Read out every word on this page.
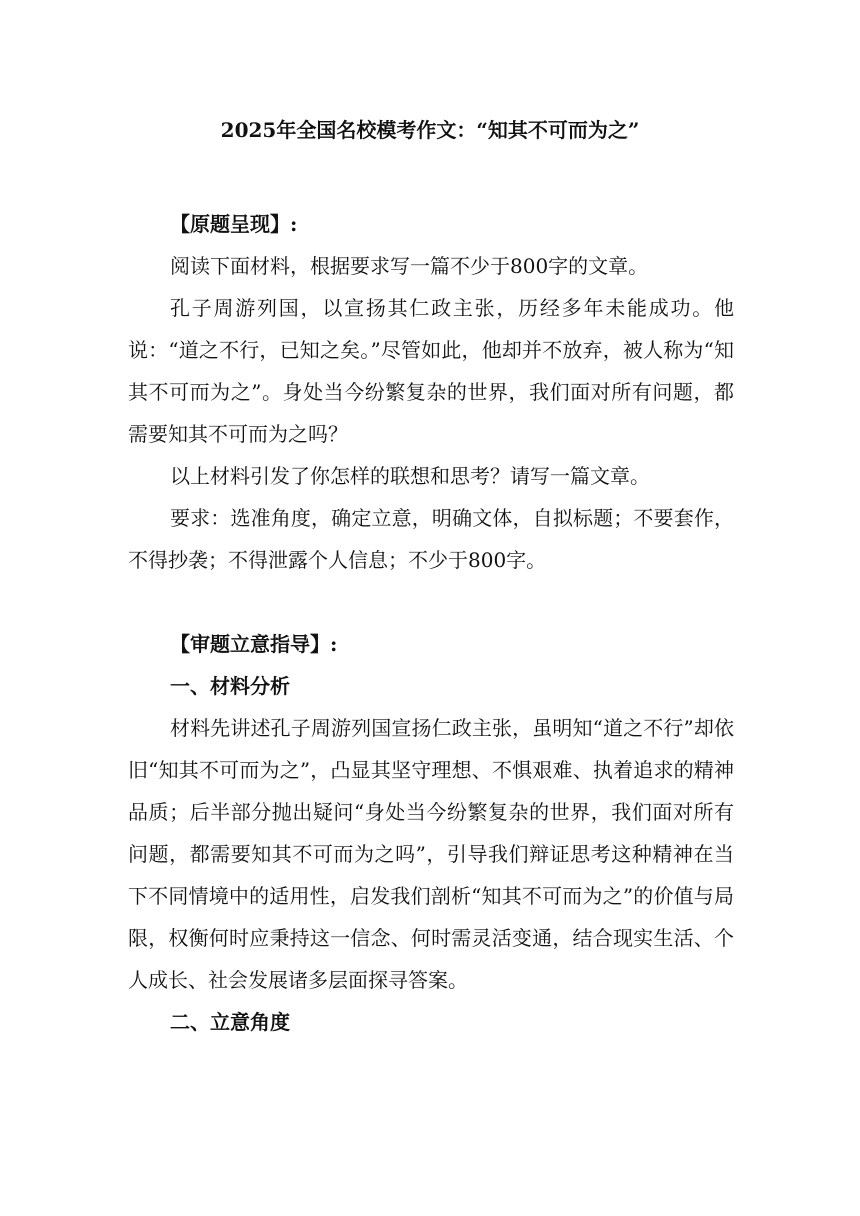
2025年全国名校模考作文：“知其不可而为之”

【原题呈现】:

阅读下面材料，根据要求写一篇不少于800字的文章。

孔子周游列国，以宣扬其仁政主张，历经多年未能成功。他说：“道之不行，已知之矣。”尽管如此，他却并不放弃，被人称为“知其不可而为之”。身处当今纷繁复杂的世界，我们面对所有问题，都需要知其不可而为之吗？

以上材料引发了你怎样的联想和思考？请写一篇文章。

要求：选准角度，确定立意，明确文体，自拟标题；不要套作，不得抄袭；不得泄露个人信息；不少于800字。

【审题立意指导】:

一、材料分析

材料先讲述孔子周游列国宣扬仁政主张，虽明知“道之不行”却依旧“知其不可而为之”，凸显其坚守理想、不惧艰难、执着追求的精神品质；后半部分抛出疑问“身处当今纷繁复杂的世界，我们面对所有问题，都需要知其不可而为之吗”，引导我们辩证思考这种精神在当下不同情境中的适用性，启发我们剖析“知其不可而为之”的价值与局限，权衡何时应秉持这一信念、何时需灵活变通，结合现实生活、个人成长、社会发展诸多层面探寻答案。

二、立意角度
